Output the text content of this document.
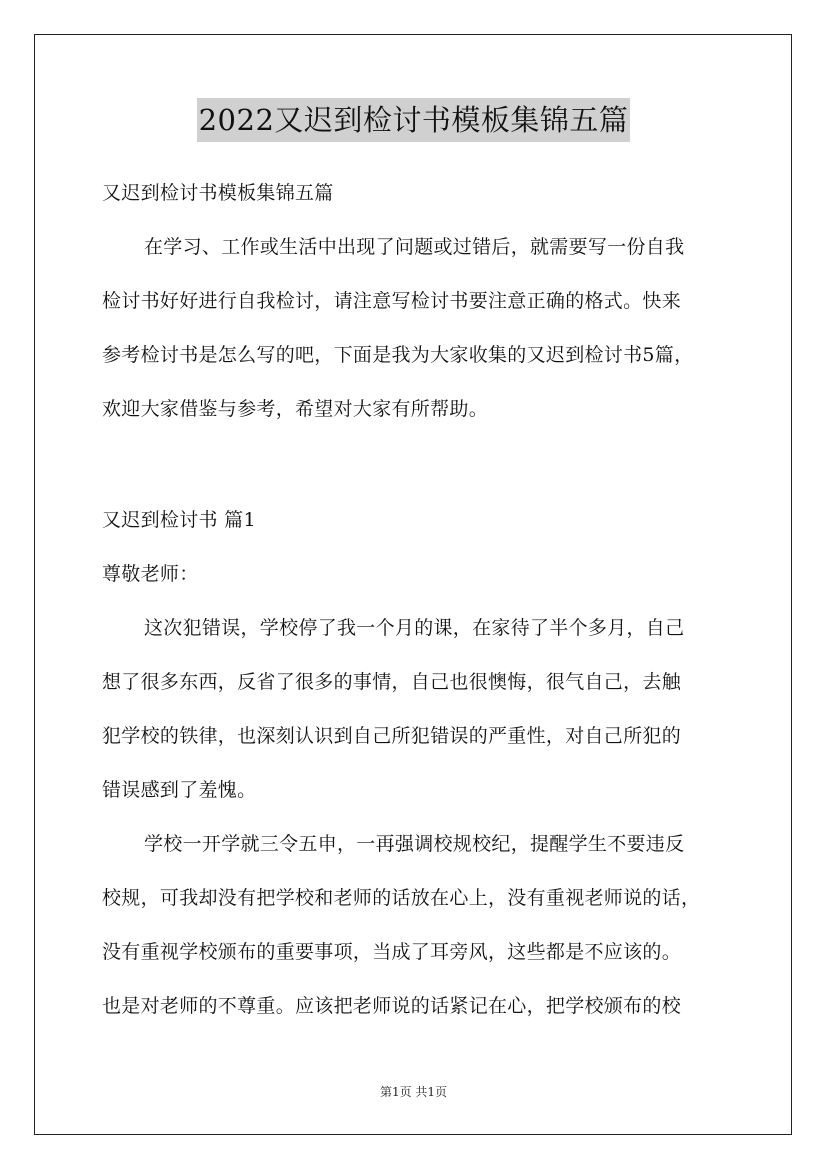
2022又迟到检讨书模板集锦五篇
又迟到检讨书模板集锦五篇
在学习、工作或生活中出现了问题或过错后，就需要写一份自我
检讨书好好进行自我检讨，请注意写检讨书要注意正确的格式。快来
参考检讨书是怎么写的吧，下面是我为大家收集的又迟到检讨书5篇，
欢迎大家借鉴与参考，希望对大家有所帮助。
又迟到检讨书 篇1
尊敬老师：
这次犯错误，学校停了我一个月的课，在家待了半个多月，自己
想了很多东西，反省了很多的事情，自己也很懊悔，很气自己，去触
犯学校的铁律，也深刻认识到自己所犯错误的严重性，对自己所犯的
错误感到了羞愧。
学校一开学就三令五申，一再强调校规校纪，提醒学生不要违反
校规，可我却没有把学校和老师的话放在心上，没有重视老师说的话，
没有重视学校颁布的重要事项，当成了耳旁风，这些都是不应该的。
也是对老师的不尊重。应该把老师说的话紧记在心，把学校颁布的校
第1页 共1页
